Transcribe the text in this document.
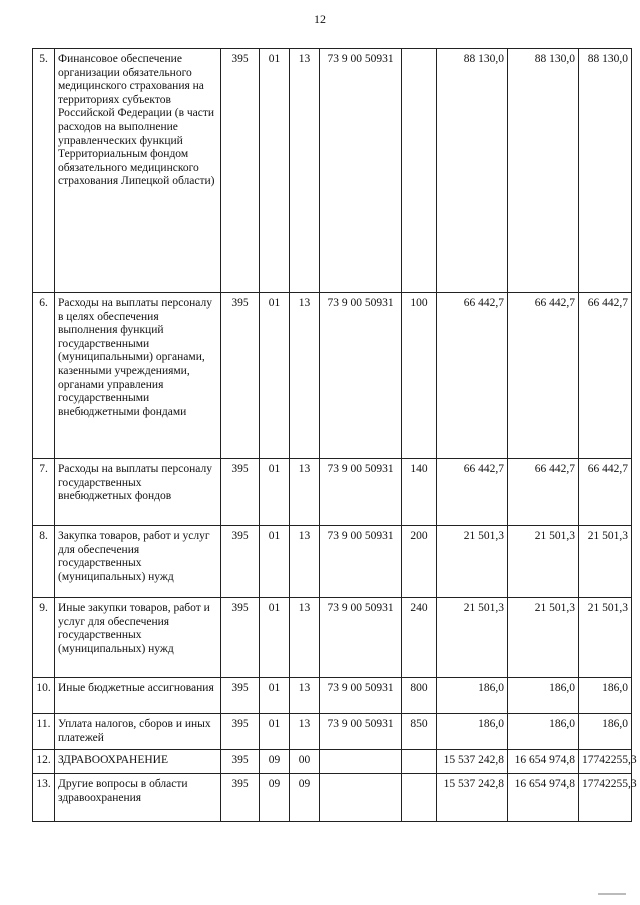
12
5.	Финансовое обеспечение организации обязательного медицинского страхования на территориях субъектов Российской Федерации (в части расходов на выполнение управленческих функций Территориальным фондом обязательного медицинского страхования Липецкой области)	395	01	13	73 9 00 50931		88 130,0	88 130,0	88 130,0
6.	Расходы на выплаты персоналу в целях обеспечения выполнения функций государственными (муниципальными) органами, казенными учреждениями, органами управления государственными внебюджетными фондами	395	01	13	73 9 00 50931	100	66 442,7	66 442,7	66 442,7
7.	Расходы на выплаты персоналу государственных внебюджетных фондов	395	01	13	73 9 00 50931	140	66 442,7	66 442,7	66 442,7
8.	Закупка товаров, работ и услуг для обеспечения государственных (муниципальных) нужд	395	01	13	73 9 00 50931	200	21 501,3	21 501,3	21 501,3
9.	Иные закупки товаров, работ и услуг для обеспечения государственных (муниципальных) нужд	395	01	13	73 9 00 50931	240	21 501,3	21 501,3	21 501,3
10.	Иные бюджетные ассигнования	395	01	13	73 9 00 50931	800	186,0	186,0	186,0
11.	Уплата налогов, сборов и иных платежей	395	01	13	73 9 00 50931	850	186,0	186,0	186,0
12.	ЗДРАВООХРАНЕНИЕ	395	09	00			15 537 242,8	16 654 974,8	17742255,3
13.	Другие вопросы в области здравоохранения	395	09	09			15 537 242,8	16 654 974,8	17742255,3
